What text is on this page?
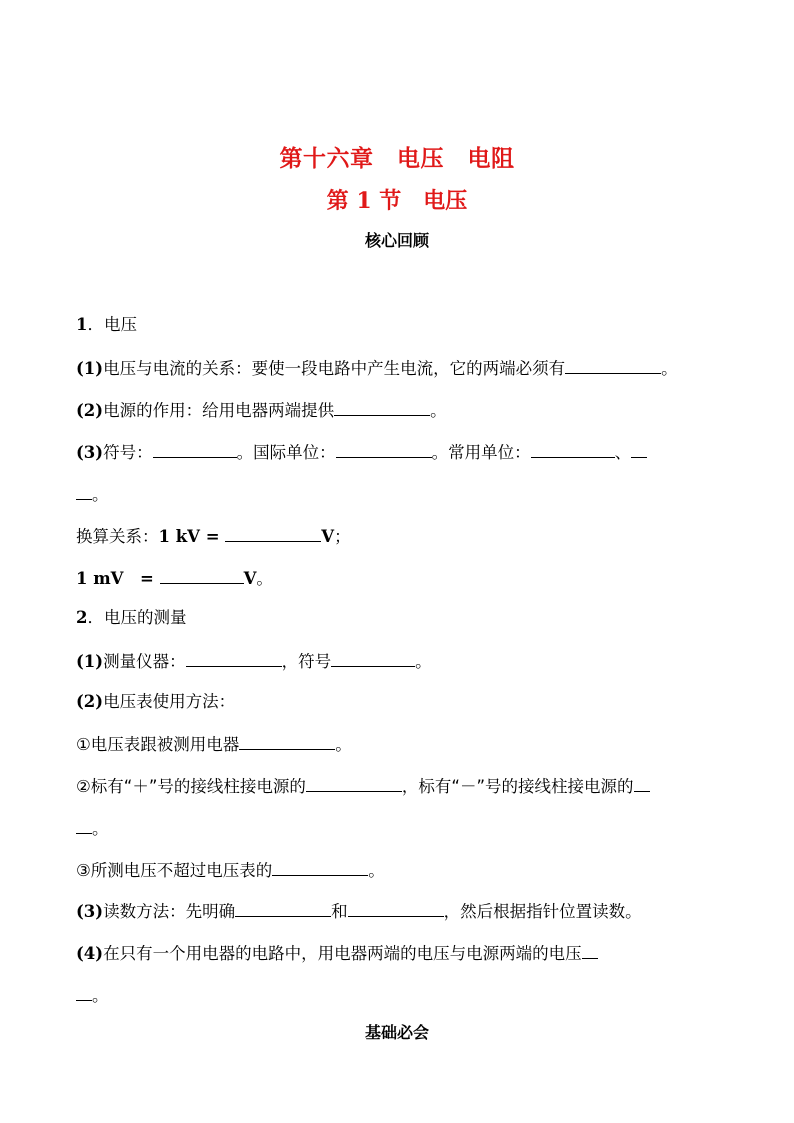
第十六章　电压　电阻
第 1 节　电压
核心回顾
1．电压
(1)电压与电流的关系：要使一段电路中产生电流，它的两端必须有	。
(2)电源的作用：给用电器两端提供	。
(3)符号：	。国际单位：	。常用单位：	、
。
换算关系：1 kV =	V；
1 mV　=	V。
2．电压的测量
(1)测量仪器：	，符号	。
(2)电压表使用方法：
①电压表跟被测用电器	。
②标有“＋”号的接线柱接电源的	，标有“－”号的接线柱接电源的
。
③所测电压不超过电压表的	。
(3)读数方法：先明确	和	，然后根据指针位置读数。
(4)在只有一个用电器的电路中，用电器两端的电压与电源两端的电压
。
基础必会
